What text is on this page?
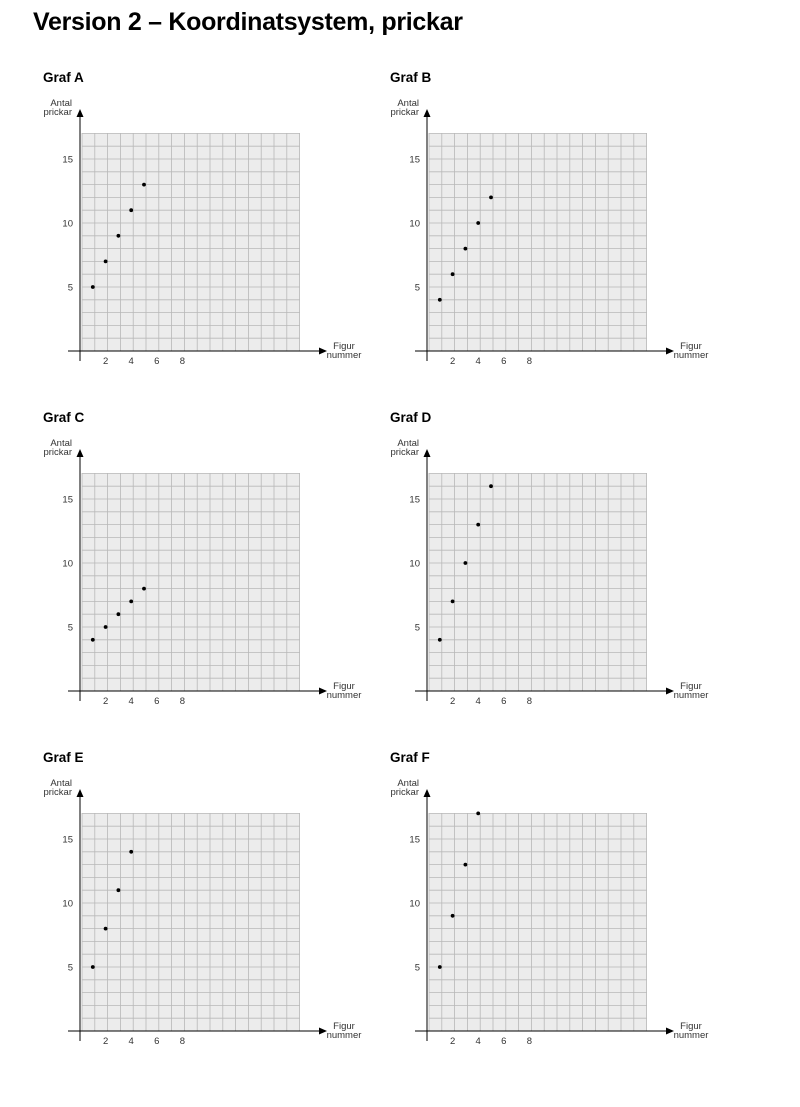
Version 2 – Koordinatsystem, prickar
Graf A
5
10
15
2 4 6 8
Antal
prickar
Figur
nummer
Graf B
5
10
15
2 4 6 8
Antal
prickar
Figur
nummer
Graf C
5
10
15
2 4 6 8
Antal
prickar
Figur
nummer
Graf D
5
10
15
2 4 6 8
Antal
prickar
Figur
nummer
Graf E
5
10
15
2 4 6 8
Antal
prickar
Figur
nummer
Graf F
5
10
15
2 4 6 8
Antal
prickar
Figur
nummer
